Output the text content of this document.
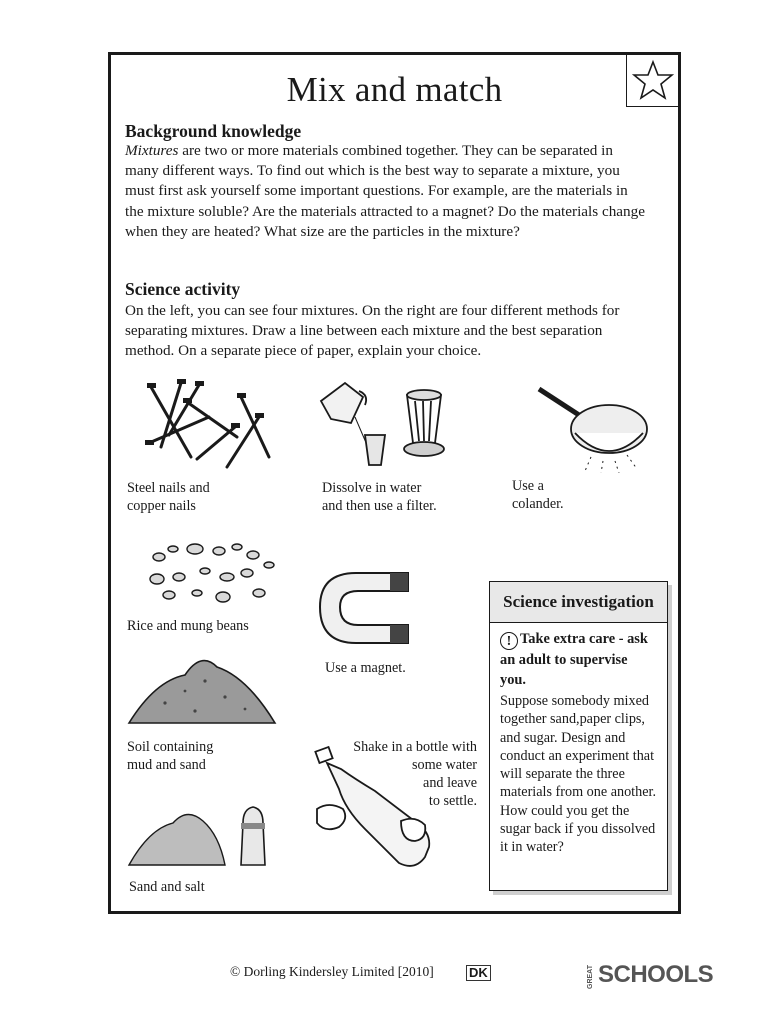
Mix and match
Background knowledge
Mixtures are two or more materials combined together. They can be separated in many different ways. To find out which is the best way to separate a mixture, you must first ask yourself some important questions. For example, are the materials in the mixture soluble? Are the materials attracted to a magnet? Do the materials change when they are heated? What size are the particles in the mixture?
Science activity
On the left, you can see four mixtures. On the right are four different methods for separating mixtures. Draw a line between each mixture and the best separation method. On a separate piece of paper, explain your choice.
Steel nails and
copper nails
Dissolve in water
and then use a filter.
Use a
colander.
Rice and mung beans
Use a magnet.
Soil containing
mud and sand
Shake in a bottle with
some water
and leave
to settle.
Sand and salt
Science investigation
! Take extra care - ask an adult to supervise you.
Suppose somebody mixed together sand,paper clips, and sugar. Design and conduct an experiment that will separate the three materials from one another. How could you get the sugar back if you dissolved it in water?
© Dorling Kindersley Limited [2010]	DK	GREAT SCHOOLS
